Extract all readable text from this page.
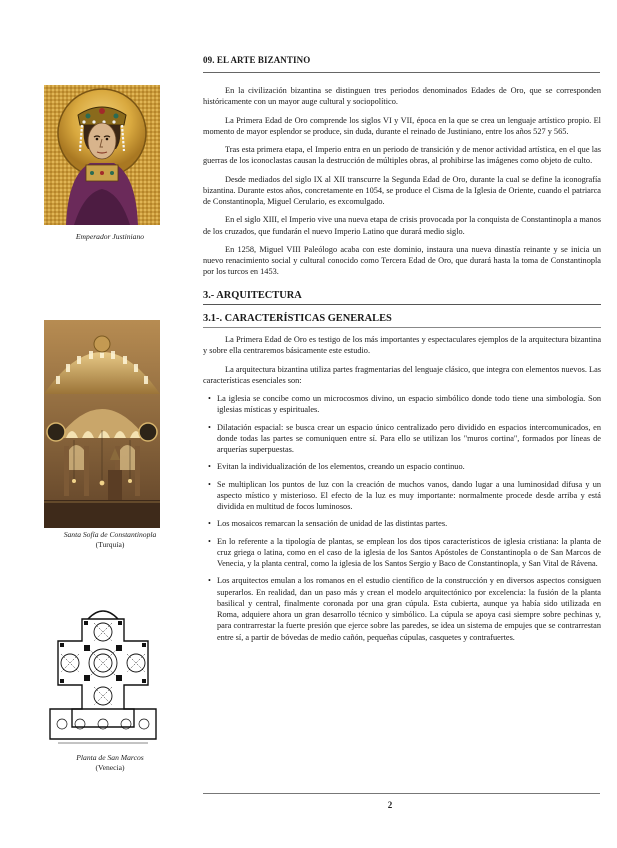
09. EL ARTE BIZANTINO
Emperador Justiniano
Santa Sofía de Constantinopla
(Turquía)
Planta de San Marcos
(Venecia)

En la civilización bizantina se distinguen tres periodos denominados Edades de Oro, que se corresponden históricamente con un mayor auge cultural y sociopolítico.

La Primera Edad de Oro comprende los siglos VI y VII, época en la que se crea un lenguaje artístico propio. El momento de mayor esplendor se produce, sin duda, durante el reinado de Justiniano, entre los años 527 y 565.

Tras esta primera etapa, el Imperio entra en un periodo de transición y de menor actividad artística, en el que las guerras de los iconoclastas causan la destrucción de múltiples obras, al prohibirse las imágenes como objeto de culto.

Desde mediados del siglo IX al XII transcurre la Segunda Edad de Oro, durante la cual se define la iconografía bizantina. Durante estos años, concretamente en 1054, se produce el Cisma de la Iglesia de Oriente, cuando el patriarca de Constantinopla, Miguel Cerulario, es excomulgado.

En el siglo XIII, el Imperio vive una nueva etapa de crisis provocada por la conquista de Constantinopla a manos de los cruzados, que fundarán el nuevo Imperio Latino que durará medio siglo.

En 1258, Miguel VIII Paleólogo acaba con este dominio, instaura una nueva dinastía reinante y se inicia un nuevo renacimiento social y cultural conocido como Tercera Edad de Oro, que durará hasta la toma de Constantinopla por los turcos en 1453.

3.- ARQUITECTURA
3.1-. CARACTERÍSTICAS GENERALES

La Primera Edad de Oro es testigo de los más importantes y espectaculares ejemplos de la arquitectura bizantina y sobre ella centraremos básicamente este estudio.

La arquitectura bizantina utiliza partes fragmentarias del lenguaje clásico, que integra con elementos nuevos. Las características esenciales son:

• La iglesia se concibe como un microcosmos divino, un espacio simbólico donde todo tiene una simbología. Son iglesias místicas y espirituales.
• Dilatación espacial: se busca crear un espacio único centralizado pero dividido en espacios intercomunicados, en donde todas las partes se comuniquen entre sí. Para ello se utilizan los "muros cortina", formados por líneas de arquerías superpuestas.
• Evitan la individualización de los elementos, creando un espacio continuo.
• Se multiplican los puntos de luz con la creación de muchos vanos, dando lugar a una luminosidad difusa y un aspecto místico y misterioso. El efecto de la luz es muy importante: normalmente procede desde arriba y está dividida en multitud de focos luminosos.
• Los mosaicos remarcan la sensación de unidad de las distintas partes.
• En lo referente a la tipología de plantas, se emplean los dos tipos característicos de iglesia cristiana: la planta de cruz griega o latina, como en el caso de la iglesia de los Santos Apóstoles de Constantinopla o de San Marcos de Venecia, y la planta central, como la iglesia de los Santos Sergio y Baco de Constantinopla, y San Vital de Rávena.
• Los arquitectos emulan a los romanos en el estudio científico de la construcción y en diversos aspectos consiguen superarlos. En realidad, dan un paso más y crean el modelo arquitectónico por excelencia: la fusión de la planta basilical y central, finalmente coronada por una gran cúpula. Esta cubierta, aunque ya había sido utilizada en Roma, adquiere ahora un gran desarrollo técnico y simbólico. La cúpula se apoya casi siempre sobre pechinas y, para contrarrestar la fuerte presión que ejerce sobre las paredes, se idea un sistema de empujes que se contrarrestan entre sí, a partir de bóvedas de medio cañón, pequeñas cúpulas, casquetes y contrafuertes.
2
